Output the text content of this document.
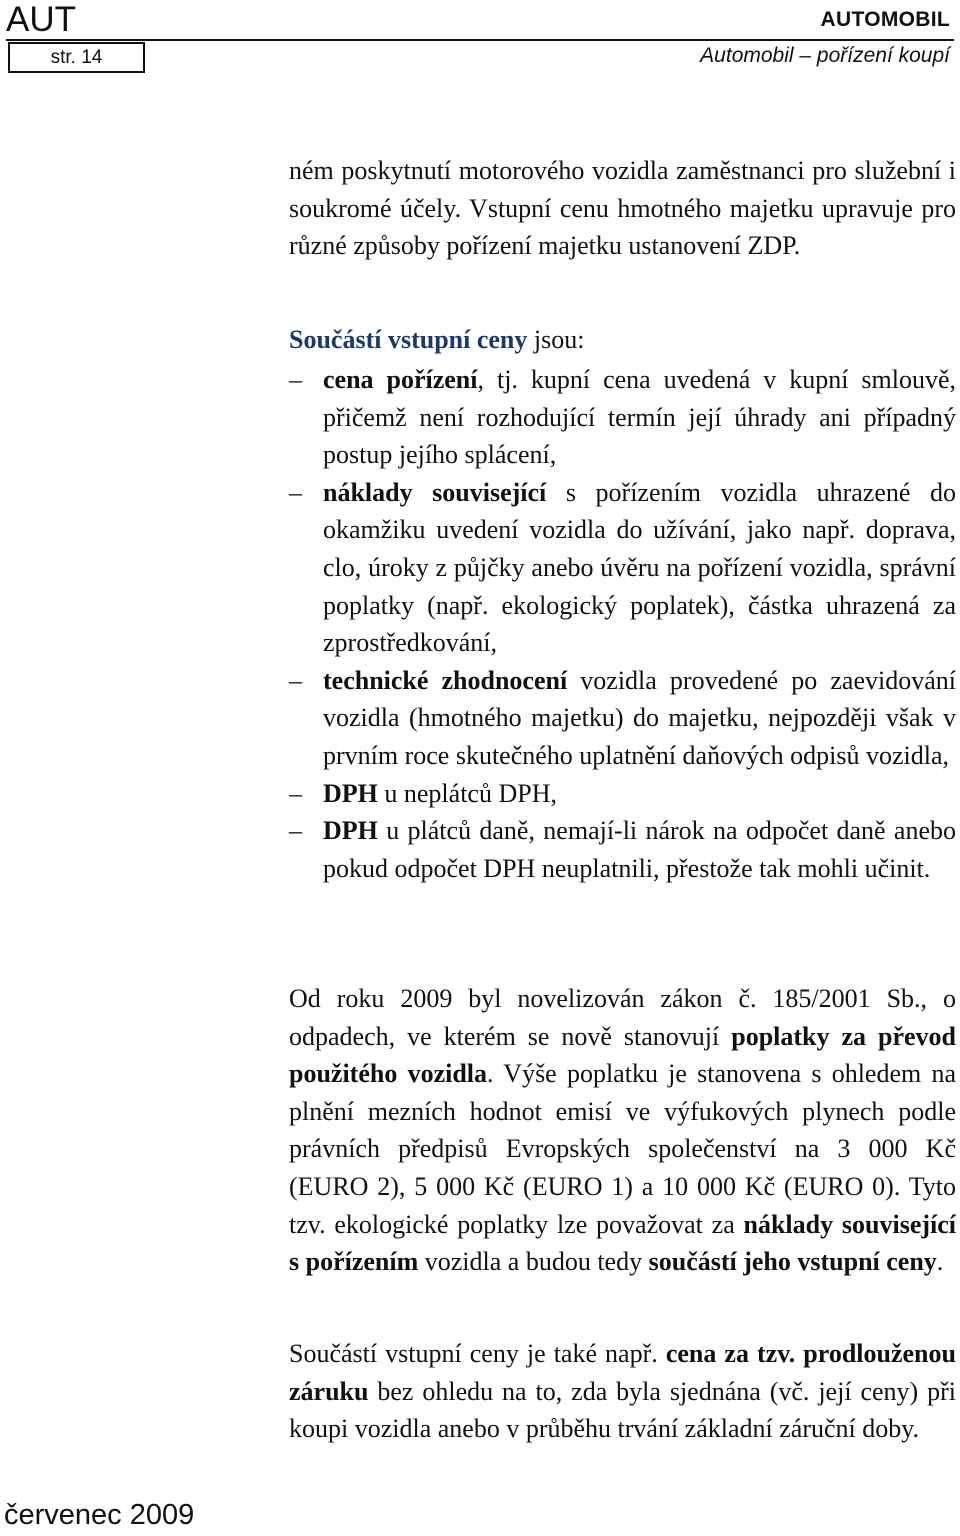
AUT	AUTOMOBIL
str. 14	Automobil – pořízení koupí

ném poskytnutí motorového vozidla zaměstnanci pro služební i soukromé účely. Vstupní cenu hmotného majetku upravuje pro různé způsoby pořízení majetku ustanovení ZDP.

Součástí vstupní ceny jsou:

– cena pořízení, tj. kupní cena uvedená v kupní smlouvě, přičemž není rozhodující termín její úhrady ani případný postup jejího splácení,
– náklady související s pořízením vozidla uhrazené do okamžiku uvedení vozidla do užívání, jako např. doprava, clo, úroky z půjčky anebo úvěru na pořízení vozidla, správní poplatky (např. ekologický poplatek), částka uhrazená za zprostředkování,
– technické zhodnocení vozidla provedené po zaevidování vozidla (hmotného majetku) do majetku, nejpozději však v prvním roce skutečného uplatnění daňových odpisů vozidla,
– DPH u neplátců DPH,
– DPH u plátců daně, nemají-li nárok na odpočet daně anebo pokud odpočet DPH neuplatnili, přestože tak mohli učinit.

Od roku 2009 byl novelizován zákon č. 185/2001 Sb., o odpadech, ve kterém se nově stanovují poplatky za převod použitého vozidla. Výše poplatku je stanovena s ohledem na plnění mezních hodnot emisí ve výfukových plynech podle právních předpisů Evropských společenství na 3 000 Kč (EURO 2), 5 000 Kč (EURO 1) a 10 000 Kč (EURO 0). Tyto tzv. ekologické poplatky lze považovat za náklady související s pořízením vozidla a budou tedy součástí jeho vstupní ceny.

Součástí vstupní ceny je také např. cena za tzv. prodlouženou záruku bez ohledu na to, zda byla sjednána (vč. její ceny) při koupi vozidla anebo v průběhu trvání základní záruční doby.

červenec 2009
